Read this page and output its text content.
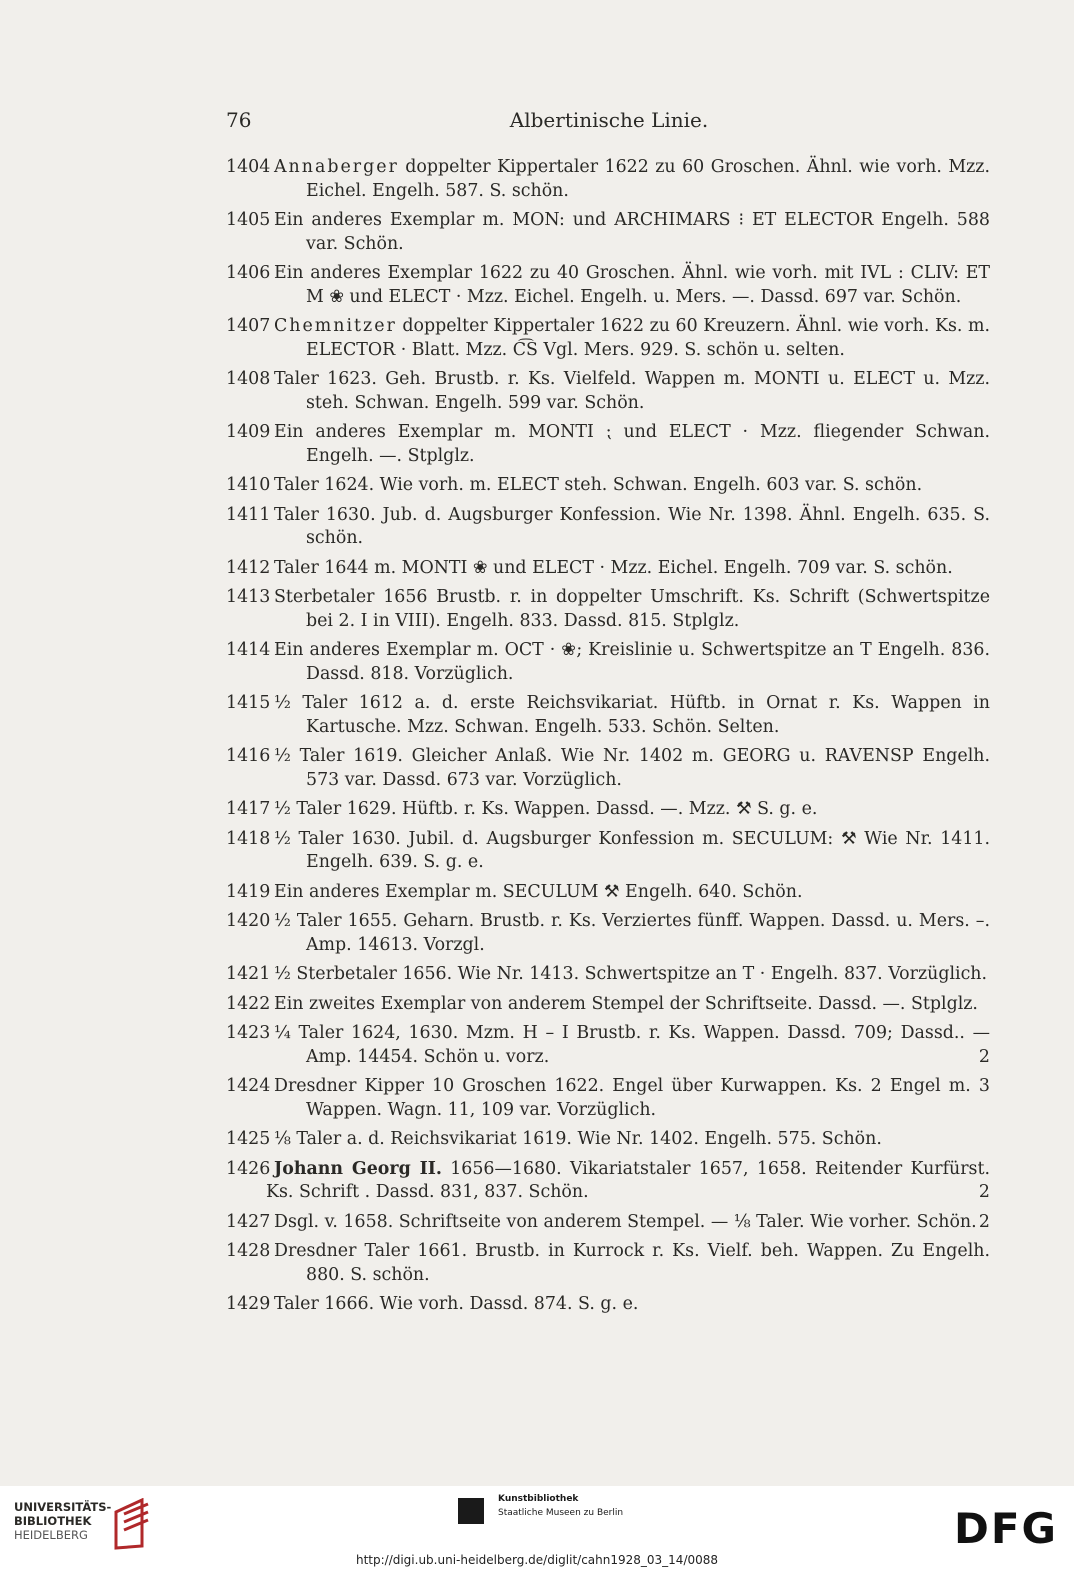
76	Albertinische Linie.
1404 Annaberger doppelter Kippertaler 1622 zu 60 Groschen. Ähnl. wie vorh. Mzz. Eichel. Engelh. 587. S. schön.
1405 Ein anderes Exemplar m. MON: und ARCHIMARS ⁝ ET ELECTOR Engelh. 588 var. Schön.
1406 Ein anderes Exemplar 1622 zu 40 Groschen. Ähnl. wie vorh. mit IVL : CLIV: ET M ❀ und ELECT · Mzz. Eichel. Engelh. u. Mers. —. Dassd. 697 var. Schön.
1407 Chemnitzer doppelter Kippertaler 1622 zu 60 Kreuzern. Ähnl. wie vorh. Ks. m. ELECTOR · Blatt. Mzz. C͡S Vgl. Mers. 929. S. schön u. selten.
1408 Taler 1623. Geh. Brustb. r. Ks. Vielfeld. Wappen m. MONTI u. ELECT u. Mzz. steh. Schwan. Engelh. 599 var. Schön.
1409 Ein anderes Exemplar m. MONTI ⁏ und ELECT · Mzz. fliegender Schwan. Engelh. —. Stplglz.
1410 Taler 1624. Wie vorh. m. ELECT steh. Schwan. Engelh. 603 var. S. schön.
1411 Taler 1630. Jub. d. Augsburger Konfession. Wie Nr. 1398. Ähnl. Engelh. 635. S. schön.
1412 Taler 1644 m. MONTI ❀ und ELECT · Mzz. Eichel. Engelh. 709 var. S. schön.
1413 Sterbetaler 1656 Brustb. r. in doppelter Umschrift. Ks. Schrift (Schwertspitze bei 2. I in VIII). Engelh. 833. Dassd. 815. Stplglz.
1414 Ein anderes Exemplar m. OCT · ❀; Kreislinie u. Schwertspitze an T Engelh. 836. Dassd. 818. Vorzüglich.
1415 ½ Taler 1612 a. d. erste Reichsvikariat. Hüftb. in Ornat r. Ks. Wappen in Kartusche. Mzz. Schwan. Engelh. 533. Schön. Selten.
1416 ½ Taler 1619. Gleicher Anlaß. Wie Nr. 1402 m. GEORG u. RAVENSP Engelh. 573 var. Dassd. 673 var. Vorzüglich.
1417 ½ Taler 1629. Hüftb. r. Ks. Wappen. Dassd. —. Mzz. ⚒ S. g. e.
1418 ½ Taler 1630. Jubil. d. Augsburger Konfession m. SECULUM: ⚒ Wie Nr. 1411. Engelh. 639. S. g. e.
1419 Ein anderes Exemplar m. SECULUM ⚒ Engelh. 640. Schön.
1420 ½ Taler 1655. Geharn. Brustb. r. Ks. Verziertes fünff. Wappen. Dassd. u. Mers. –. Amp. 14613. Vorzgl.
1421 ½ Sterbetaler 1656. Wie Nr. 1413. Schwertspitze an T · Engelh. 837. Vorzüglich.
1422 Ein zweites Exemplar von anderem Stempel der Schriftseite. Dassd. —. Stplglz.
1423 ¼ Taler 1624, 1630. Mzm. H – I Brustb. r. Ks. Wappen. Dassd. 709; Dassd.. — Amp. 14454. Schön u. vorz.	2
1424 Dresdner Kipper 10 Groschen 1622. Engel über Kurwappen. Ks. 2 Engel m. 3 Wappen. Wagn. 11, 109 var. Vorzüglich.
1425 ⅛ Taler a. d. Reichsvikariat 1619. Wie Nr. 1402. Engelh. 575. Schön.
1426 Johann Georg II. 1656—1680. Vikariatstaler 1657, 1658. Reitender Kurfürst. Ks. Schrift . Dassd. 831, 837. Schön.	2
1427 Dsgl. v. 1658. Schriftseite von anderem Stempel. — ⅛ Taler. Wie vorher. Schön. 2
1428 Dresdner Taler 1661. Brustb. in Kurrock r. Ks. Vielf. beh. Wappen. Zu Engelh. 880. S. schön.
1429 Taler 1666. Wie vorh. Dassd. 874. S. g. e.
UNIVERSITÄTS-
BIBLIOTHEK
HEIDELBERG
Kunstbibliothek
Staatliche Museen zu Berlin	DFG
http://digi.ub.uni-heidelberg.de/diglit/cahn1928_03_14/0088
